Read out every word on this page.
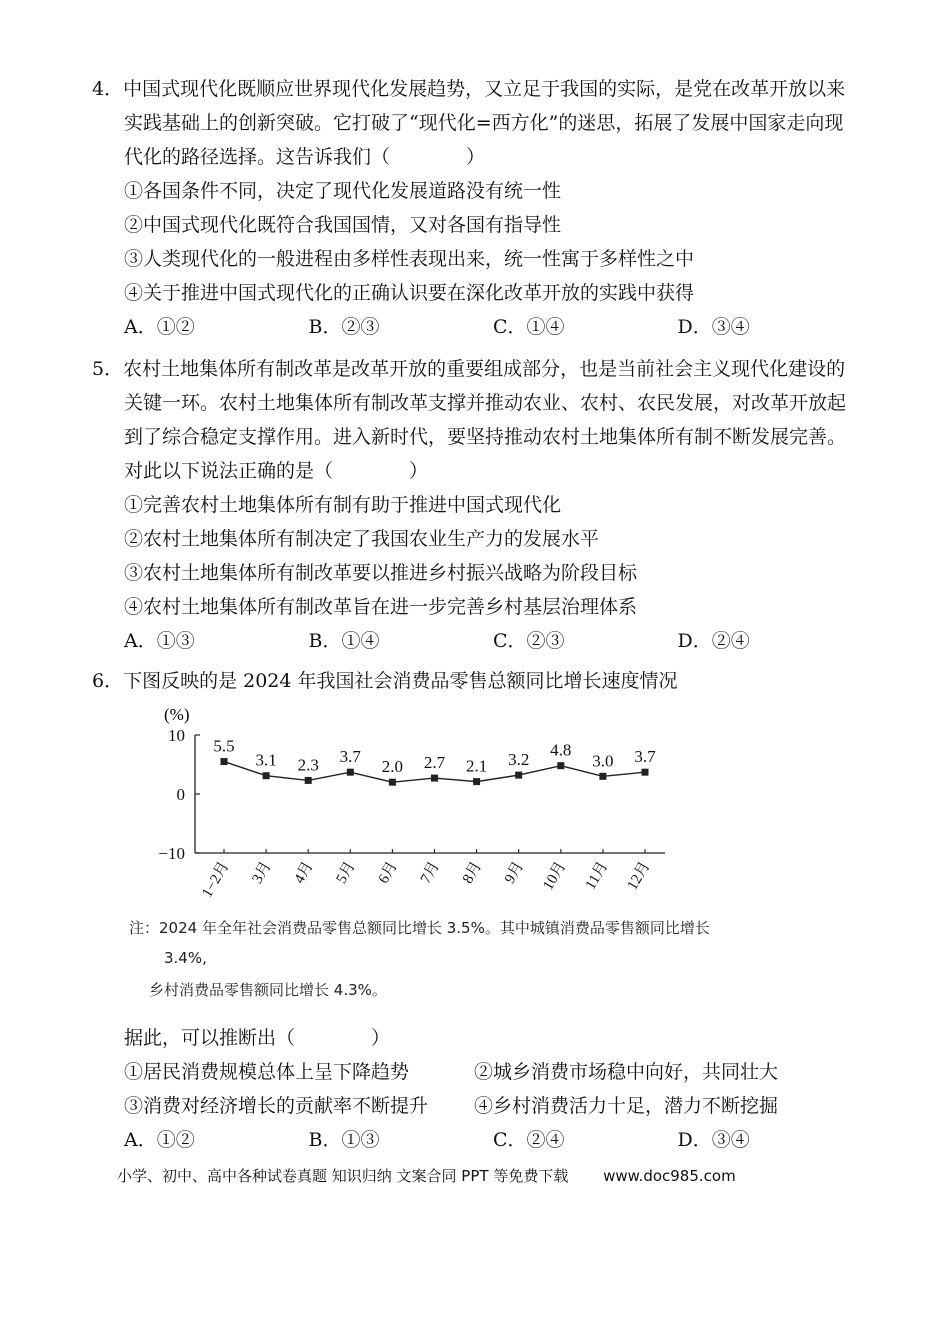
4．中国式现代化既顺应世界现代化发展趋势，又立足于我国的实际，是党在改革开放以来实践基础上的创新突破。它打破了“现代化=西方化”的迷思，拓展了发展中国家走向现代化的路径选择。这告诉我们（　　　　）

①各国条件不同，决定了现代化发展道路没有统一性

②中国式现代化既符合我国国情，又对各国有指导性

③人类现代化的一般进程由多样性表现出来，统一性寓于多样性之中

④关于推进中国式现代化的正确认识要在深化改革开放的实践中获得

A．①②	B．②③	C．①④	D．③④

5．农村土地集体所有制改革是改革开放的重要组成部分，也是当前社会主义现代化建设的关键一环。农村土地集体所有制改革支撑并推动农业、农村、农民发展，对改革开放起到了综合稳定支撑作用。进入新时代，要坚持推动农村土地集体所有制不断发展完善。对此以下说法正确的是（　　　　）

①完善农村土地集体所有制有助于推进中国式现代化

②农村土地集体所有制决定了我国农业生产力的发展水平

③农村土地集体所有制改革要以推进乡村振兴战略为阶段目标

④农村土地集体所有制改革旨在进一步完善乡村基层治理体系

A．①③	B．①④	C．②③	D．②④

6．下图反映的是 2024 年我国社会消费品零售总额同比增长速度情况

(%)
10
0
−10
5.5
3.1 2.3 3.7
2.0 2.7 2.1 3.2 4.8
3.0 3.7
1−2月 3月 4月 5月 6月 7月 8月 9月 10月 11月 12月

注：2024 年全年社会消费品零售总额同比增长 3.5%。其中城镇消费品零售额同比增长

3.4%,

乡村消费品零售额同比增长 4.3%。

据此，可以推断出（　　　　）

①居民消费规模总体上呈下降趋势	②城乡消费市场稳中向好，共同壮大
③消费对经济增长的贡献率不断提升	④乡村消费活力十足，潜力不断挖掘
A．①②	B．①③	C．②④	D．③④
小学、初中、高中各种试卷真题 知识归纳 文案合同 PPT 等免费下载 www.doc985.com
